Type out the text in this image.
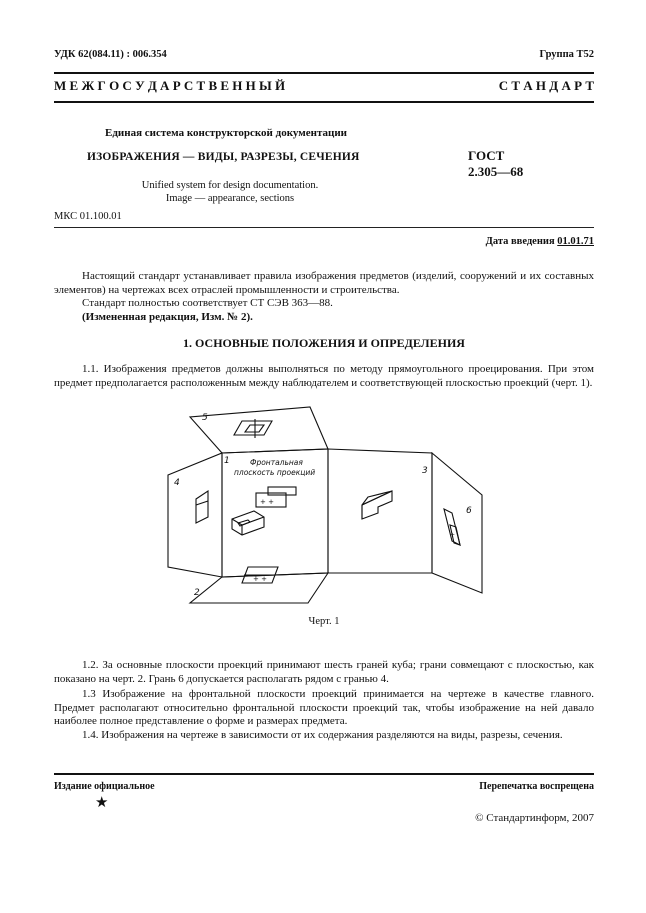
УДК 62(084.11) : 006.354	Группа Т52
М Е Ж Г О С У Д А Р С Т В Е Н Н Ы Й	С Т А Н Д А Р Т
Единая система конструкторской документации
ИЗОБРАЖЕНИЯ — ВИДЫ, РАЗРЕЗЫ, СЕЧЕНИЯ	ГОСТ
2.305—68
Unified system for design documentation.
Image — appearance, sections
МКС 01.100.01
Дата введения 01.01.71
Настоящий стандарт устанавливает правила изображения предметов (изделий, сооружений и их составных элементов) на чертежах всех отраслей промышленности и строительства.
Стандарт полностью соответствует СТ СЭВ 363—88.
(Измененная редакция, Изм. № 2).
1. ОСНОВНЫЕ ПОЛОЖЕНИЯ И ОПРЕДЕЛЕНИЯ
1.1. Изображения предметов должны выполняться по методу прямоугольного проецирования. При этом предмет предполагается расположенным между наблюдателем и соответствующей плоскостью проекций (черт. 1).
+ +
+ +
+
5
1
4
2
3
6
Фронтальная
плоскость проекций
Черт. 1
1.2. За основные плоскости проекций принимают шесть граней куба; грани совмещают с плоскостью, как показано на черт. 2. Грань 6 допускается располагать рядом с гранью 4.
1.3 Изображение на фронтальной плоскости проекций принимается на чертеже в качестве главного. Предмет располагают относительно фронтальной плоскости проекций так, чтобы изображение на ней давало наиболее полное представление о форме и размерах предмета.
1.4. Изображения на чертеже в зависимости от их содержания разделяются на виды, разрезы, сечения.
Издание официальное	Перепечатка воспрещена
★
© Стандартинформ, 2007
